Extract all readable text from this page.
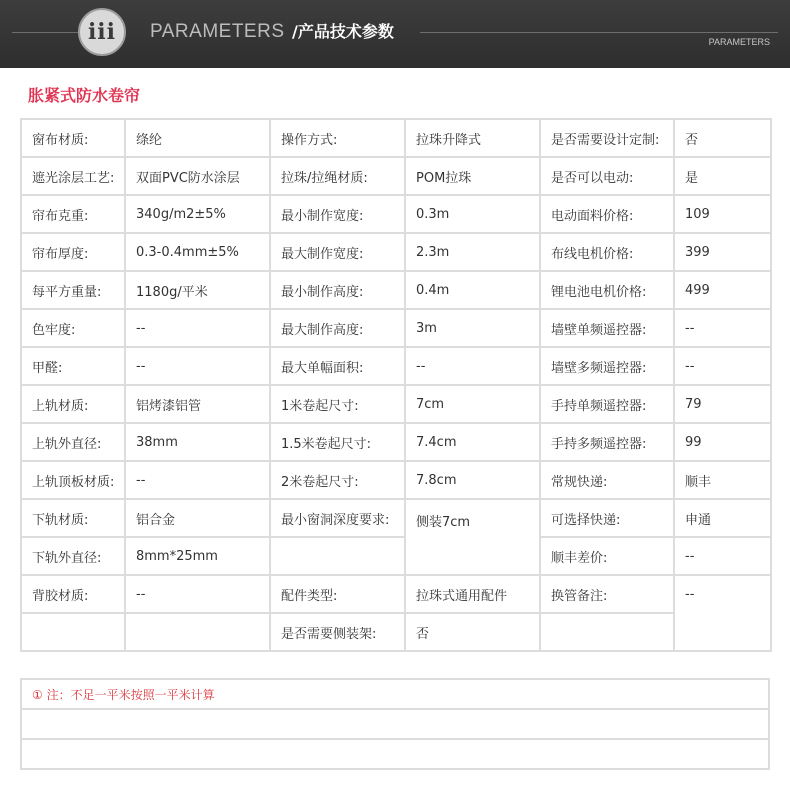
iii PARAMETERS /产品技术参数
PARAMETERS
胀紧式防水卷帘
窗布材质:	绦纶	操作方式:	拉珠升降式	是否需要设计定制:	否
遮光涂层工艺:	双面PVC防水涂层	拉珠/拉绳材质:	POM拉珠	是否可以电动:	是
帘布克重:	340g/m2±5%	最小制作宽度:	0.3m	电动面料价格:	109
帘布厚度:	0.3-0.4mm±5%	最大制作宽度:	2.3m	布线电机价格:	399
每平方重量:	1180g/平米	最小制作高度:	0.4m	锂电池电机价格:	499
色牢度:	--	最大制作高度:	3m	墙壁单频遥控器:	--
甲醛:	--	最大单幅面积:	--	墙壁多频遥控器:	--
上轨材质:	铝烤漆铝管	1米卷起尺寸:	7cm	手持单频遥控器:	79
上轨外直径:	38mm	1.5米卷起尺寸:	7.4cm	手持多频遥控器:	99
上轨顶板材质:	--	2米卷起尺寸:	7.8cm	常规快递:	顺丰
下轨材质:	铝合金	最小窗洞深度要求:	侧装7cm	可选择快递:	申通
下轨外直径:	8mm*25mm			顺丰差价:	--
背胶材质:	--	配件类型:	拉珠式通用配件	换管备注:	--
		是否需要侧装架:	否		
① 注：不足一平米按照一平米计算
